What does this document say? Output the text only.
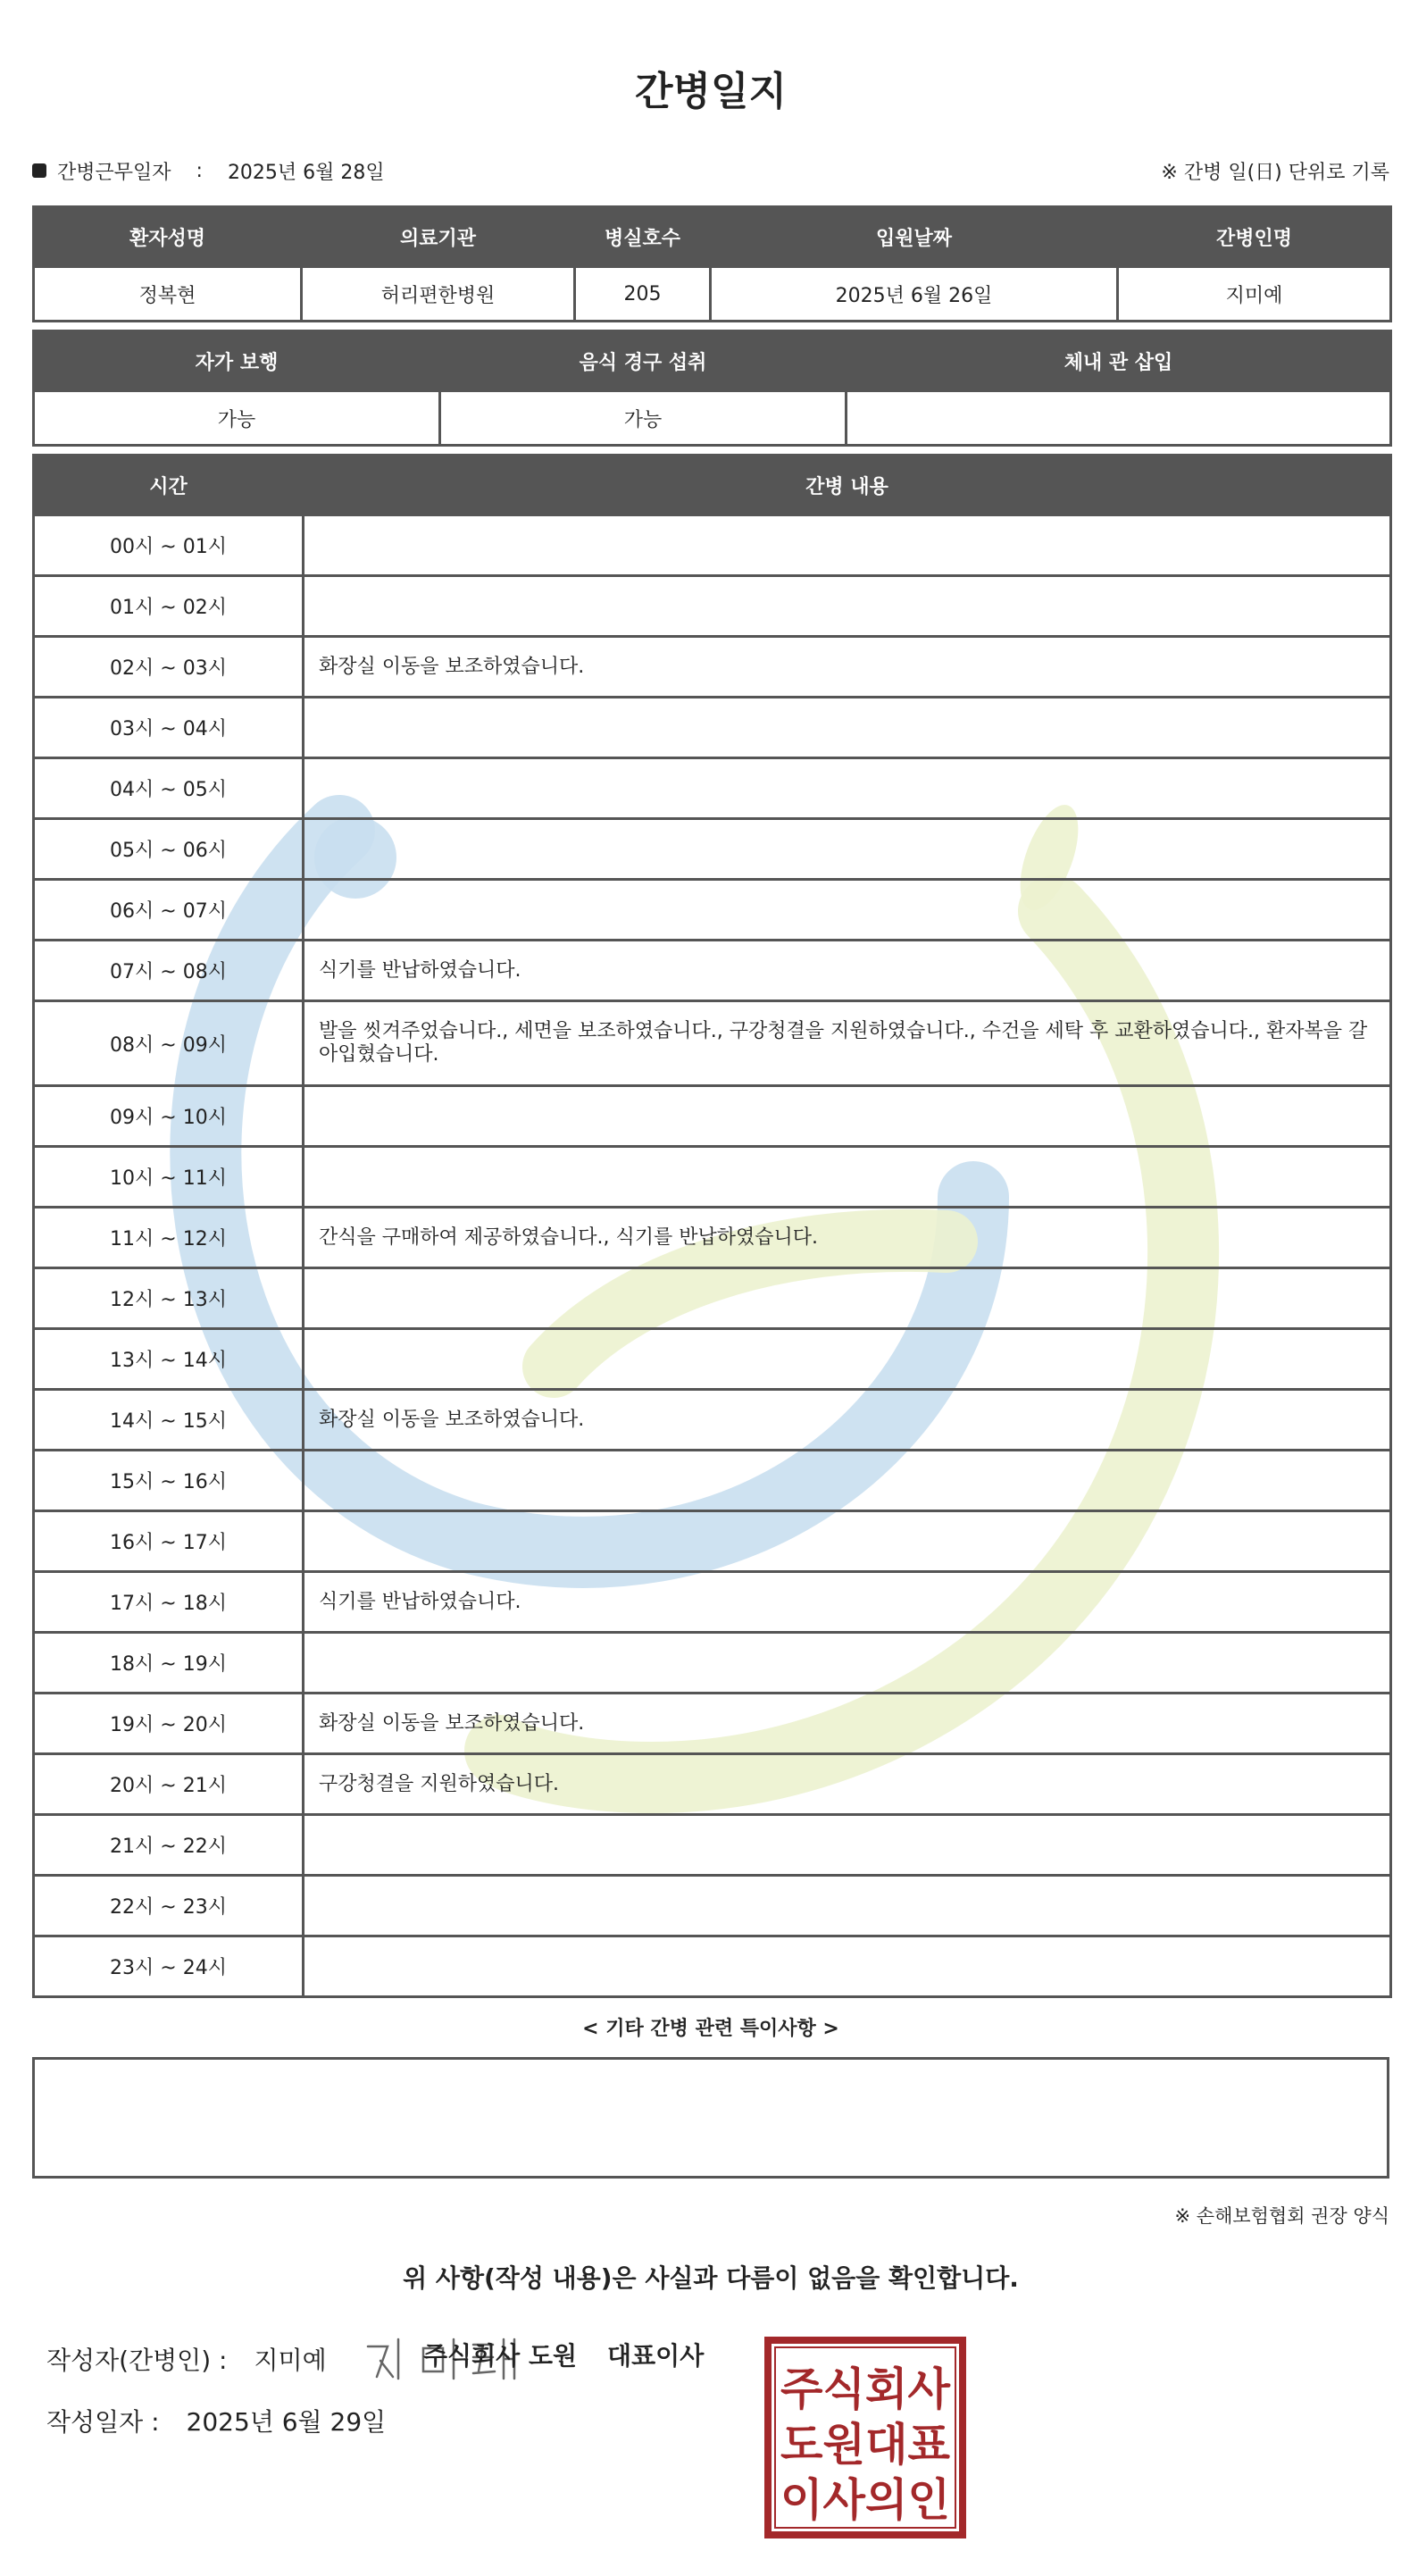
간병일지
간병근무일자 : 2025년 6월 28일	※ 간병 일(日) 단위로 기록
환자성명	의료기관	병실호수	입원날짜	간병인명
정복현	허리편한병원	205	2025년 6월 26일	지미예
자가 보행	음식 경구 섭취	체내 관 삽입
가능	가능	
시간	간병 내용
00시 ~ 01시	
01시 ~ 02시	
02시 ~ 03시	화장실 이동을 보조하였습니다.
03시 ~ 04시	
04시 ~ 05시	
05시 ~ 06시	
06시 ~ 07시	
07시 ~ 08시	식기를 반납하였습니다.
08시 ~ 09시	발을 씻겨주었습니다., 세면을 보조하였습니다., 구강청결을 지원하였습니다., 수건을 세탁 후 교환하였습니다., 환자복을 갈아입혔습니다.
09시 ~ 10시	
10시 ~ 11시	
11시 ~ 12시	간식을 구매하여 제공하였습니다., 식기를 반납하였습니다.
12시 ~ 13시	
13시 ~ 14시	
14시 ~ 15시	화장실 이동을 보조하였습니다.
15시 ~ 16시	
16시 ~ 17시	
17시 ~ 18시	식기를 반납하였습니다.
18시 ~ 19시	
19시 ~ 20시	화장실 이동을 보조하였습니다.
20시 ~ 21시	구강청결을 지원하였습니다.
21시 ~ 22시	
22시 ~ 23시	
23시 ~ 24시	
< 기타 간병 관련 특이사항 >
※ 손해보험협회 권장 양식
위 사항(작성 내용)은 사실과 다름이 없음을 확인합니다.
작성자(간병인) : 지미예
작성일자 : 2025년 6월 29일
주식회사 도원 대표이사
주식회사
도원대표
이사의인
